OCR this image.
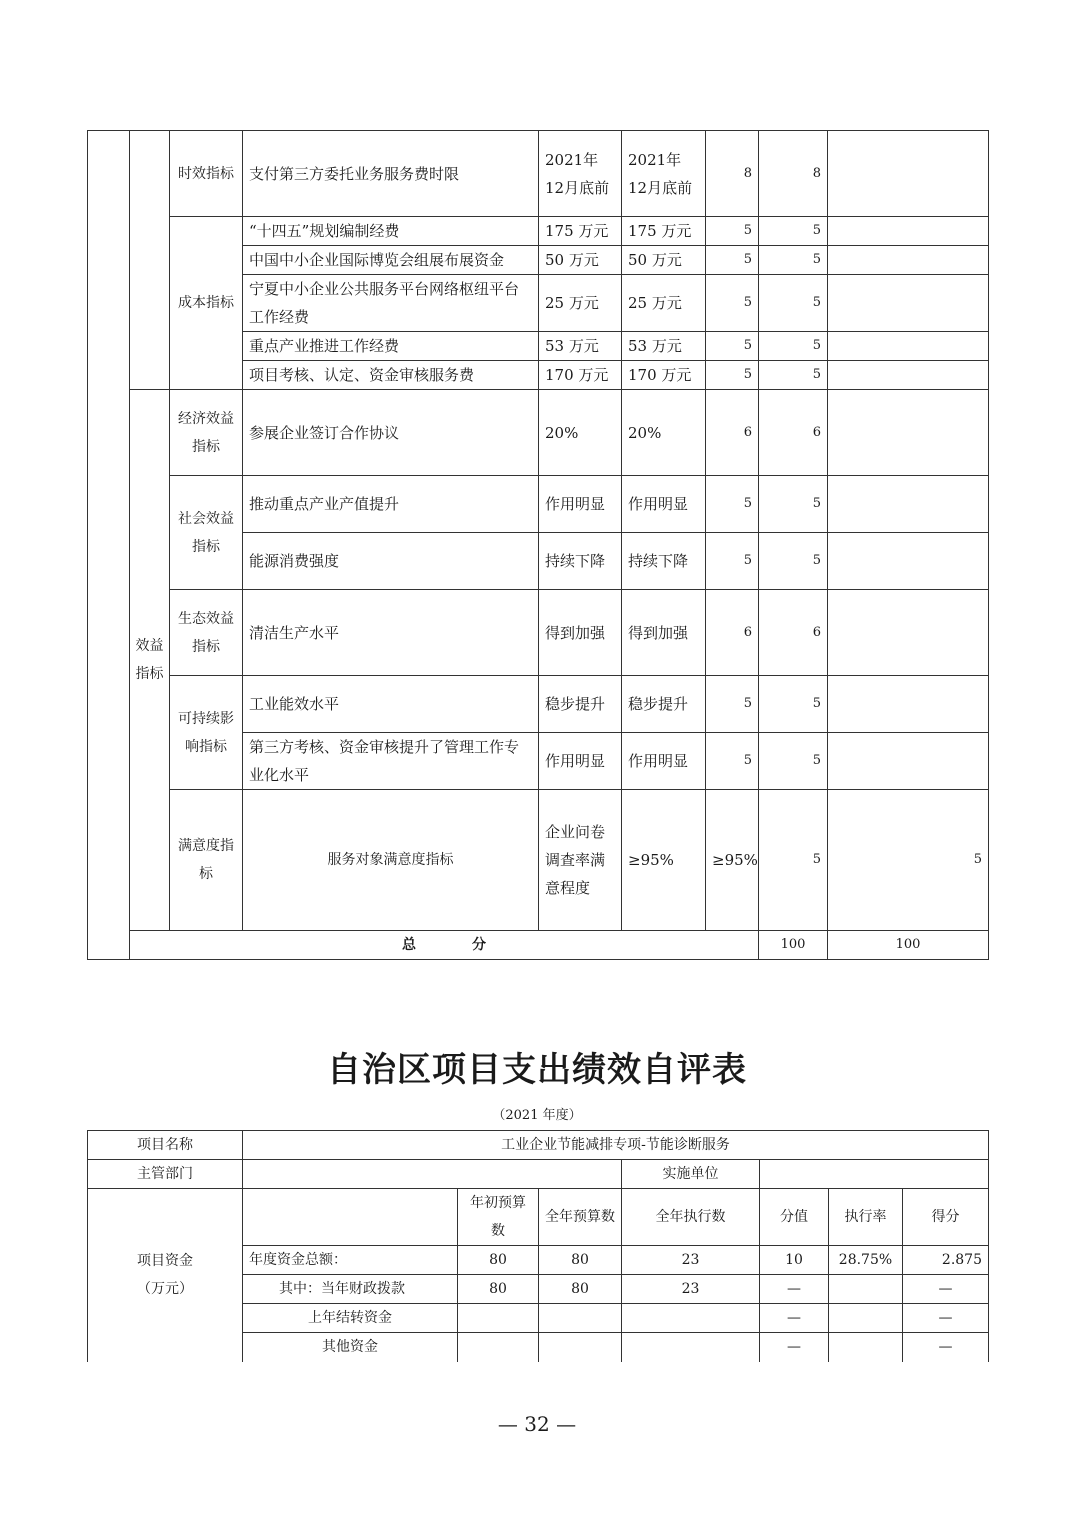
		时效指标	支付第三方委托业务服务费时限	2021年12月底前	2021年12月底前	8	8		
		成本指标	“十四五”规划编制经费	175 万元	175 万元	5	5		
			中国中小企业国际博览会组展布展资金	50 万元	50 万元	5	5		
			宁夏中小企业公共服务平台网络枢纽平台工作经费	25 万元	25 万元	5	5		
			重点产业推进工作经费	53 万元	53 万元	5	5		
			项目考核、认定、资金审核服务费	170 万元	170 万元	5	5		
	效益指标	经济效益指标	参展企业签订合作协议	20%	20%	6	6		
		社会效益指标	推动重点产业产值提升	作用明显	作用明显	5	5		
			能源消费强度	持续下降	持续下降	5	5		
		生态效益指标	清洁生产水平	得到加强	得到加强	6	6		
		可持续影响指标	工业能效水平	稳步提升	稳步提升	5	5		
			第三方考核、资金审核提升了管理工作专业化水平	作用明显	作用明显	5	5		
		满意度指标	服务对象满意度指标	企业问卷调查率满意程度	≥95%	≥95%	5	5	
	总 分						100	100	
自治区项目支出绩效自评表
（2021 年度）
项目名称	工业企业节能减排专项-节能诊断服务						
主管部门				实施单位			

项目资金
（万元）		年初预算数	全年预算数	全年执行数	分值	执行率	得分
	年度资金总额：	80	80	23	10	28.75%	2.875
	其中：当年财政拨款	80	80	23	—		—
	上年结转资金				—		—
	其他资金				—		—
— 32 —
